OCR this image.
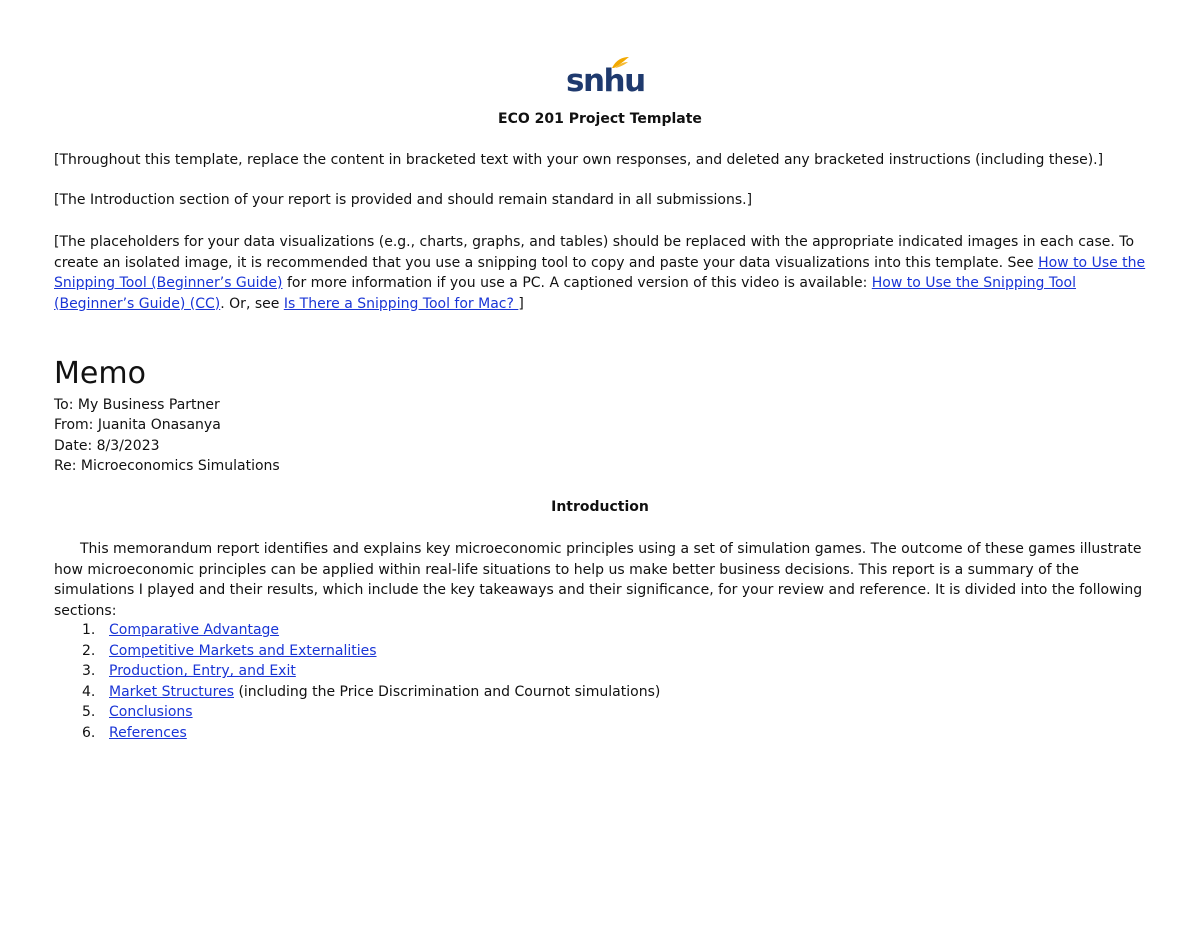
snhu
ECO 201 Project Template
[Throughout this template, replace the content in bracketed text with your own responses, and deleted any bracketed instructions (including these).]
[The Introduction section of your report is provided and should remain standard in all submissions.]
[The placeholders for your data visualizations (e.g., charts, graphs, and tables) should be replaced with the appropriate indicated images in each case. To create an isolated image, it is recommended that you use a snipping tool to copy and paste your data visualizations into this template. See How to Use the Snipping Tool (Beginner’s Guide) for more information if you use a PC. A captioned version of this video is available: How to Use the Snipping Tool (Beginner’s Guide) (CC). Or, see Is There a Snipping Tool for Mac? ]
Memo
To: My Business Partner
From: Juanita Onasanya
Date: 8/3/2023
Re: Microeconomics Simulations
Introduction
This memorandum report identifies and explains key microeconomic principles using a set of simulation games. The outcome of these games illustrate how microeconomic principles can be applied within real-life situations to help us make better business decisions. This report is a summary of the simulations I played and their results, which include the key takeaways and their significance, for your review and reference. It is divided into the following sections:
1. Comparative Advantage
2. Competitive Markets and Externalities
3. Production, Entry, and Exit
4. Market Structures (including the Price Discrimination and Cournot simulations)
5. Conclusions
6. References
